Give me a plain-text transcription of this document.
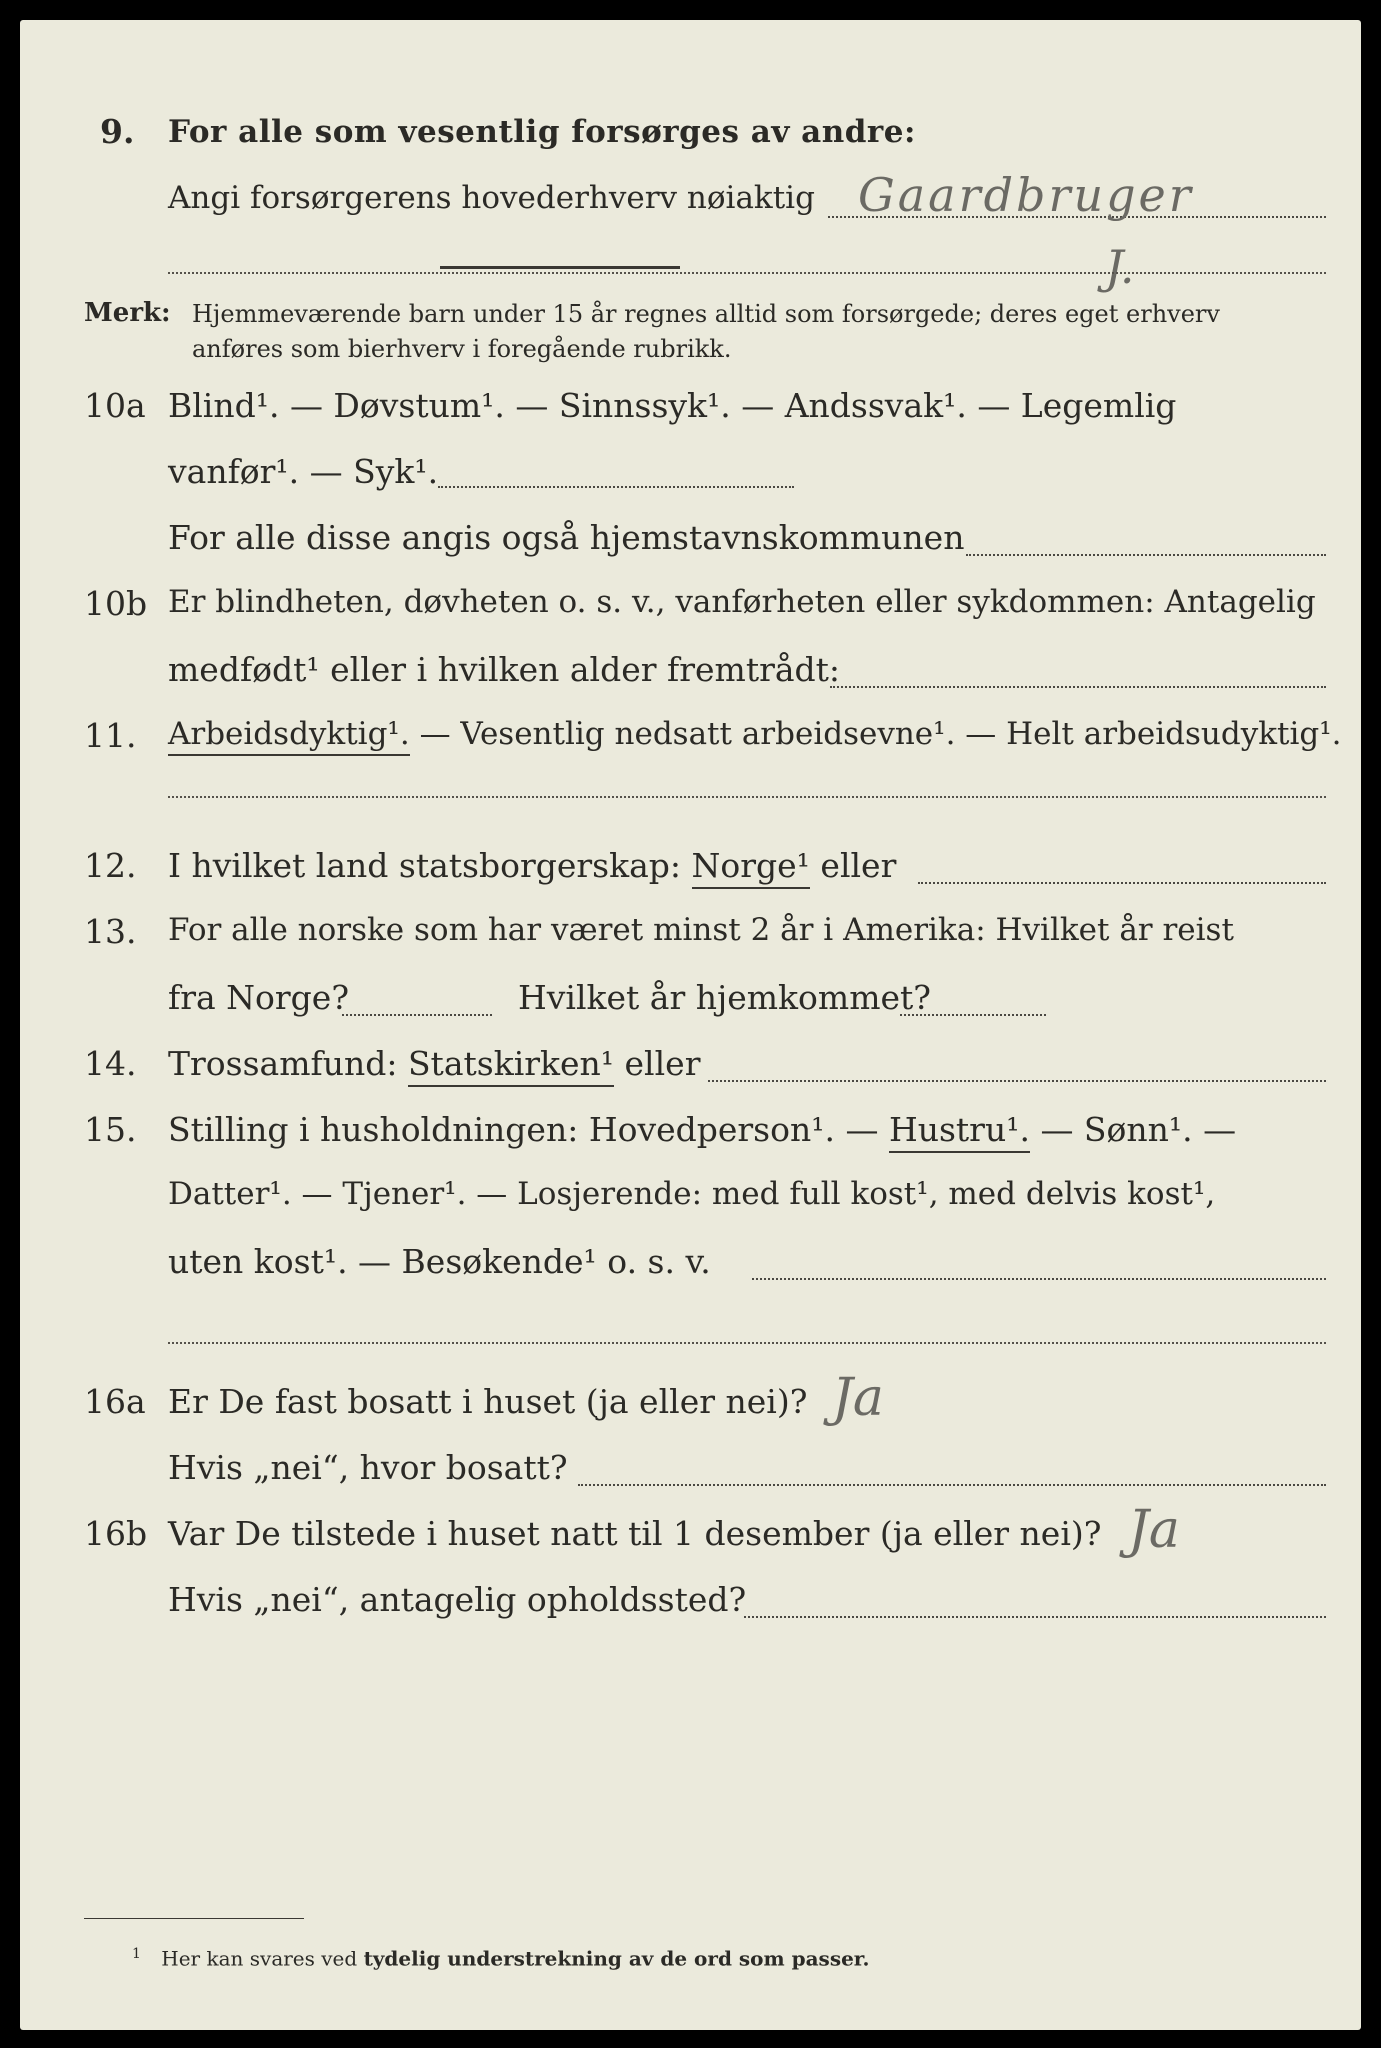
9. For alle som vesentlig forsørges av andre:
Angi forsørgerens hovederhverv nøiaktig Gaardbruger
J.
Merk: Hjemmeværende barn under 15 år regnes alltid som forsørgede; deres eget erhverv
anføres som bierhverv i foregående rubrikk.
10a Blind¹. — Døvstum¹. — Sinnssyk¹. — Andssvak¹. — Legemlig
vanfør¹. — Syk¹.
For alle disse angis også hjemstavnskommunen
10b Er blindheten, døvheten o. s. v., vanførheten eller sykdommen: Antagelig
medfødt¹ eller i hvilken alder fremtrådt:
11. Arbeidsdyktig¹. — Vesentlig nedsatt arbeidsevne¹. — Helt arbeidsudyktig¹.
12. I hvilket land statsborgerskap: Norge¹ eller
13. For alle norske som har været minst 2 år i Amerika: Hvilket år reist
fra Norge?	Hvilket år hjemkommet?
14. Trossamfund: Statskirken¹ eller
15. Stilling i husholdningen: Hovedperson¹. — Hustru¹. — Sønn¹. —
Datter¹. — Tjener¹. — Losjerende: med full kost¹, med delvis kost¹,
uten kost¹. — Besøkende¹ o. s. v.
16a Er De fast bosatt i huset (ja eller nei)? Ja
Hvis „nei“, hvor bosatt?
16b Var De tilstede i huset natt til 1 desember (ja eller nei)? Ja
Hvis „nei“, antagelig opholdssted?
$^1$ Her kan svares ved tydelig understrekning av de ord som passer.
